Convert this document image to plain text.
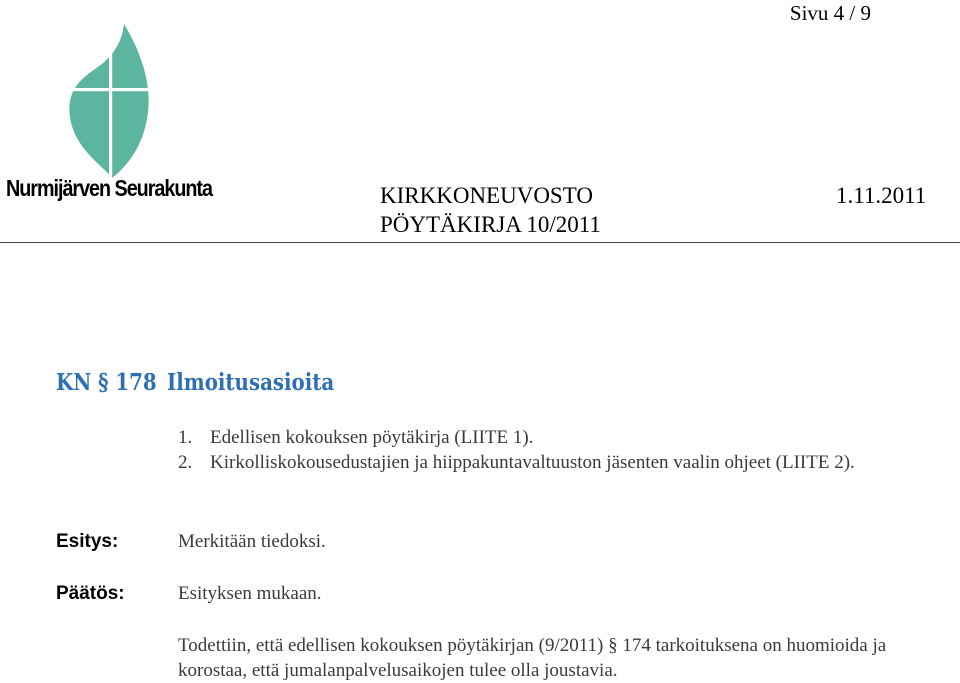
Sivu 4 / 9
Nurmijärven Seurakunta	KIRKKONEUVOSTO	1.11.2011
PÖYTÄKIRJA 10/2011
KN § 178 Ilmoitusasioita
1. Edellisen kokouksen pöytäkirja (LIITE 1).
2. Kirkolliskokousedustajien ja hiippakuntavaltuuston jäsenten vaalin ohjeet (LIITE 2).
Esitys:	Merkitään tiedoksi.
Päätös:	Esityksen mukaan.
Todettiin, että edellisen kokouksen pöytäkirjan (9/2011) § 174 tarkoituksena on huomioida ja korostaa, että jumalanpalvelusaikojen tulee olla joustavia.
